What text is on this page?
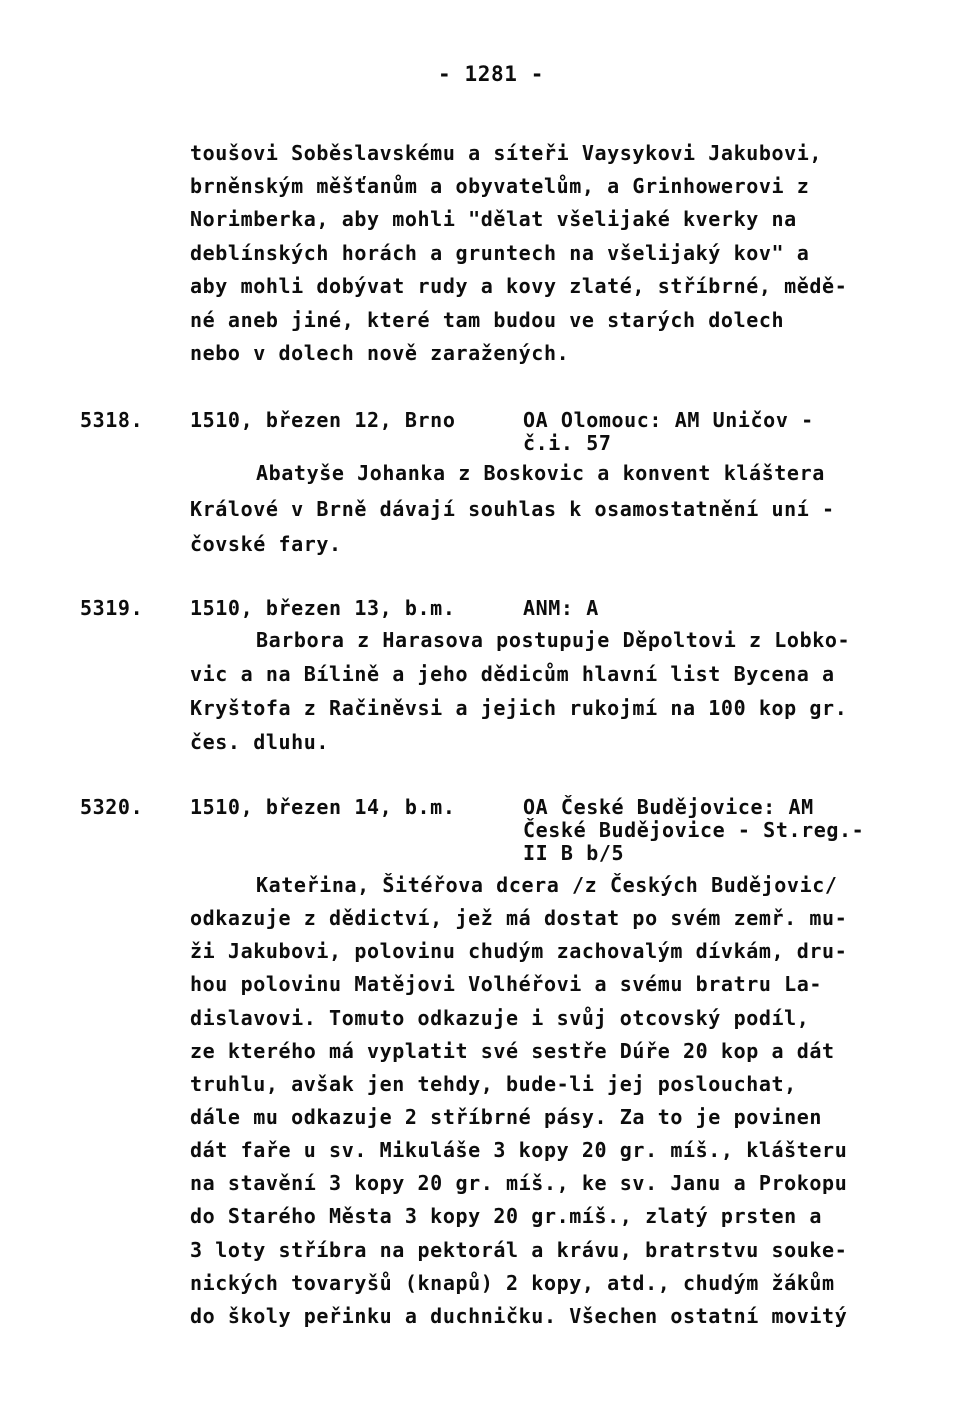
- 1281 -
toušovi Soběslavskému a síteři Vaysykovi Jakubovi,
brněnským měšťanům a obyvatelům, a Grinhowerovi z
Norimberka, aby mohli "dělat všelijaké kverky na
deblínských horách a gruntech na všelijaký kov" a
aby mohli dobývat rudy a kovy zlaté, stříbrné, mědě-
né aneb jiné, které tam budou ve starých dolech
nebo v dolech nově zaražených.
5318. 1510, březen 12, Brno	OA Olomouc: AM Uničov -
č.i. 57
Abatyše Johanka z Boskovic a konvent kláštera
Králové v Brně dávají souhlas k osamostatnění uní -
čovské fary.
5319. 1510, březen 13, b.m.	ANM: A
Barbora z Harasova postupuje Děpoltovi z Lobko-
vic a na Bílině a jeho dědicům hlavní list Bycena a
Kryštofa z Račiněvsi a jejich rukojmí na 100 kop gr.
čes. dluhu.
5320. 1510, březen 14, b.m.	OA České Budějovice: AM
České Budějovice - St.reg.-
II B b/5
Kateřina, Šitéřova dcera /z Českých Budějovic/
odkazuje z dědictví, jež má dostat po svém zemř. mu-
ži Jakubovi, polovinu chudým zachovalým dívkám, dru-
hou polovinu Matějovi Volhéřovi a svému bratru La-
dislavovi. Tomuto odkazuje i svůj otcovský podíl,
ze kterého má vyplatit své sestře Dúře 20 kop a dát
truhlu, avšak jen tehdy, bude-li jej poslouchat,
dále mu odkazuje 2 stříbrné pásy. Za to je povinen
dát faře u sv. Mikuláše 3 kopy 20 gr. míš., klášteru
na stavění 3 kopy 20 gr. míš., ke sv. Janu a Prokopu
do Starého Města 3 kopy 20 gr.míš., zlatý prsten a
3 loty stříbra na pektorál a krávu, bratrstvu souke-
nických tovaryšů (knapů) 2 kopy, atd., chudým žákům
do školy peřinku a duchničku. Všechen ostatní movitý
